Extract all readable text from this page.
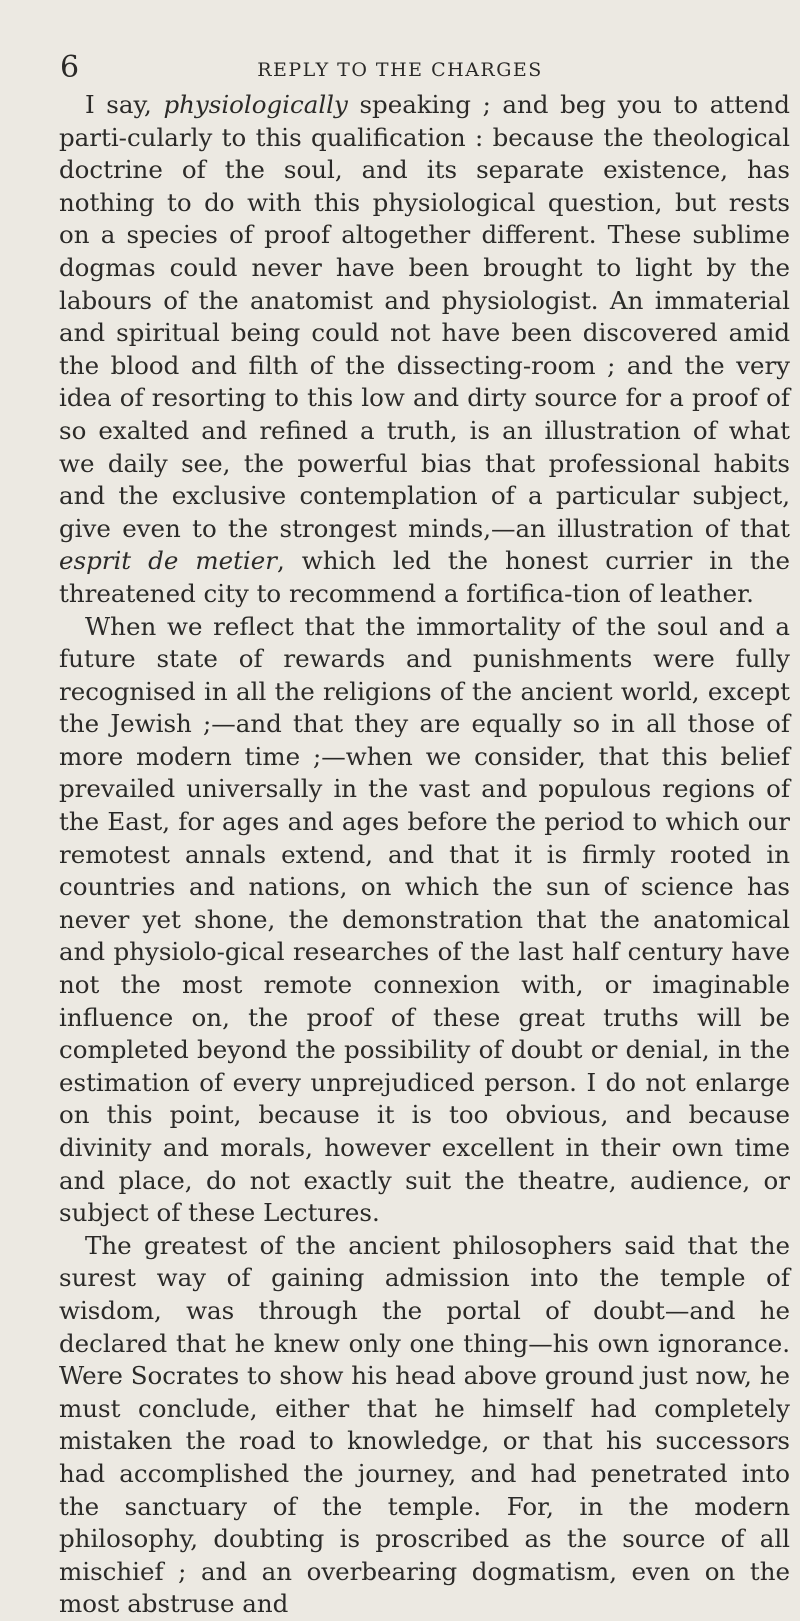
6	REPLY TO THE CHARGES

I say, physiologically speaking ; and beg you to attend parti-cularly to this qualification : because the theological doctrine of the soul, and its separate existence, has nothing to do with this physiological question, but rests on a species of proof altogether different. These sublime dogmas could never have been brought to light by the labours of the anatomist and physiologist. An immaterial and spiritual being could not have been discovered amid the blood and filth of the dissecting-room ; and the very idea of resorting to this low and dirty source for a proof of so exalted and refined a truth, is an illustration of what we daily see, the powerful bias that professional habits and the exclusive contemplation of a particular subject, give even to the strongest minds,—an illustration of that esprit de metier, which led the honest currier in the threatened city to recommend a fortifica-tion of leather.

When we reflect that the immortality of the soul and a future state of rewards and punishments were fully recognised in all the religions of the ancient world, except the Jewish ;—and that they are equally so in all those of more modern time ;—when we consider, that this belief prevailed universally in the vast and populous regions of the East, for ages and ages before the period to which our remotest annals extend, and that it is firmly rooted in countries and nations, on which the sun of science has never yet shone, the demonstration that the anatomical and physiolo-gical researches of the last half century have not the most remote connexion with, or imaginable influence on, the proof of these great truths will be completed beyond the possibility of doubt or denial, in the estimation of every unprejudiced person. I do not enlarge on this point, because it is too obvious, and because divinity and morals, however excellent in their own time and place, do not exactly suit the theatre, audience, or subject of these Lectures.

The greatest of the ancient philosophers said that the surest way of gaining admission into the temple of wisdom, was through the portal of doubt—and he declared that he knew only one thing—his own ignorance. Were Socrates to show his head above ground just now, he must conclude, either that he himself had completely mistaken the road to knowledge, or that his successors had accomplished the journey, and had penetrated into the sanctuary of the temple. For, in the modern philosophy, doubting is proscribed as the source of all mischief ; and an overbearing dogmatism, even on the most abstruse and
